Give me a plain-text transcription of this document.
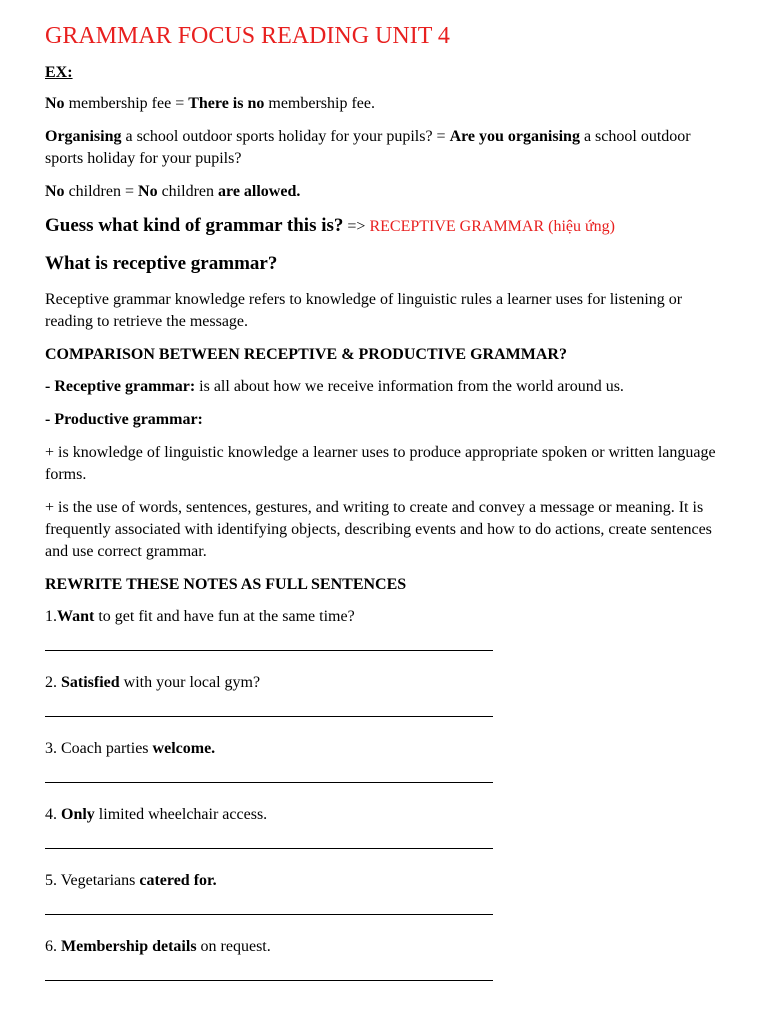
GRAMMAR FOCUS READING UNIT 4

EX:

No membership fee = There is no membership fee.

Organising a school outdoor sports holiday for your pupils? = Are you organising a school outdoor sports holiday for your pupils?

No children = No children are allowed.

Guess what kind of grammar this is? => RECEPTIVE GRAMMAR (hiệu ứng)

What is receptive grammar?

Receptive grammar knowledge refers to knowledge of linguistic rules a learner uses for listening or reading to retrieve the message.

COMPARISON BETWEEN RECEPTIVE & PRODUCTIVE GRAMMAR?

- Receptive grammar: is all about how we receive information from the world around us.

- Productive grammar:

+ is knowledge of linguistic knowledge a learner uses to produce appropriate spoken or written language forms.

+ is the use of words, sentences, gestures, and writing to create and convey a message or meaning. It is frequently associated with identifying objects, describing events and how to do actions, create sentences and use correct grammar.

REWRITE THESE NOTES AS FULL SENTENCES

1.Want to get fit and have fun at the same time?

2. Satisfied with your local gym?

3. Coach parties welcome.

4. Only limited wheelchair access.

5. Vegetarians catered for.

6. Membership details on request.
